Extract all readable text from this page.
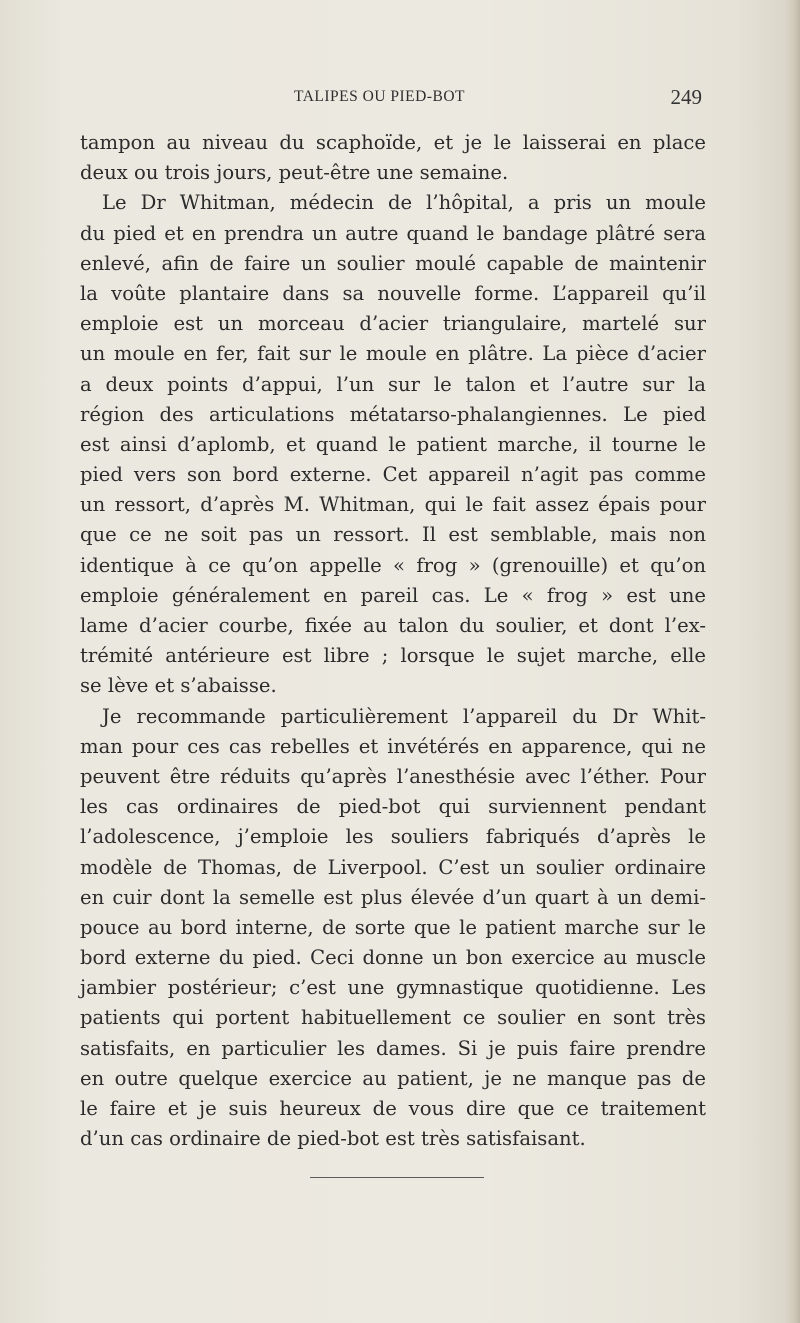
TALIPES OU PIED-BOT	249
tampon au niveau du scaphoïde, et je le laisserai en place
deux ou trois jours, peut-être une semaine.
Le Dr Whitman, médecin de l’hôpital, a pris un moule
du pied et en prendra un autre quand le bandage plâtré sera
enlevé, afin de faire un soulier moulé capable de maintenir
la voûte plantaire dans sa nouvelle forme. L’appareil qu’il
emploie est un morceau d’acier triangulaire, martelé sur
un moule en fer, fait sur le moule en plâtre. La pièce d’acier
a deux points d’appui, l’un sur le talon et l’autre sur la
région des articulations métatarso-phalangiennes. Le pied
est ainsi d’aplomb, et quand le patient marche, il tourne le
pied vers son bord externe. Cet appareil n’agit pas comme
un ressort, d’après M. Whitman, qui le fait assez épais pour
que ce ne soit pas un ressort. Il est semblable, mais non
identique à ce qu’on appelle « frog » (grenouille) et qu’on
emploie généralement en pareil cas. Le « frog » est une
lame d’acier courbe, fixée au talon du soulier, et dont l’ex-
trémité antérieure est libre ; lorsque le sujet marche, elle
se lève et s’abaisse.
Je recommande particulièrement l’appareil du Dr Whit-
man pour ces cas rebelles et invétérés en apparence, qui ne
peuvent être réduits qu’après l’anesthésie avec l’éther. Pour
les cas ordinaires de pied-bot qui surviennent pendant
l’adolescence, j’emploie les souliers fabriqués d’après le
modèle de Thomas, de Liverpool. C’est un soulier ordinaire
en cuir dont la semelle est plus élevée d’un quart à un demi-
pouce au bord interne, de sorte que le patient marche sur le
bord externe du pied. Ceci donne un bon exercice au muscle
jambier postérieur; c’est une gymnastique quotidienne. Les
patients qui portent habituellement ce soulier en sont très
satisfaits, en particulier les dames. Si je puis faire prendre
en outre quelque exercice au patient, je ne manque pas de
le faire et je suis heureux de vous dire que ce traitement
d’un cas ordinaire de pied-bot est très satisfaisant.
